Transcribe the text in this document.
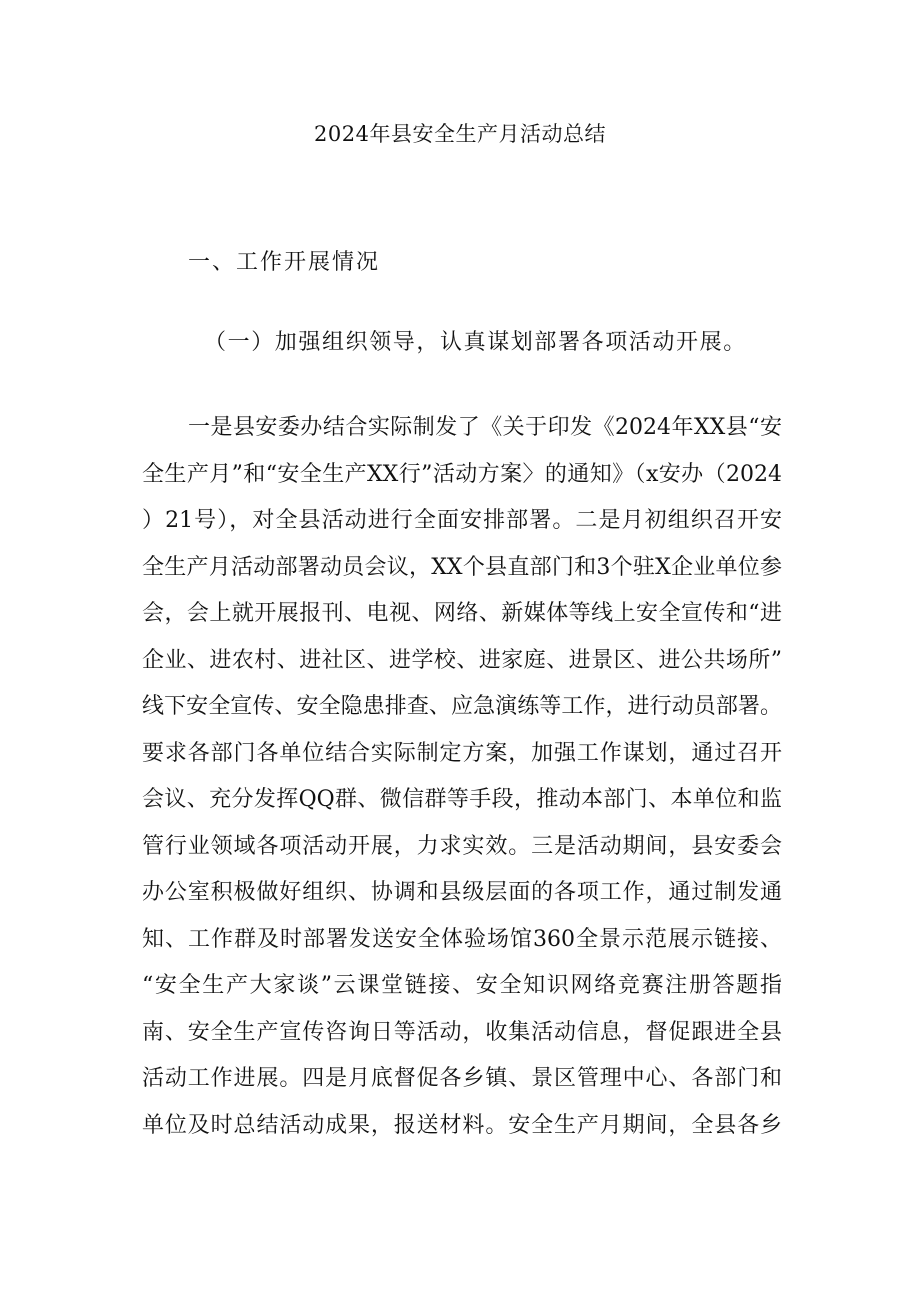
2024年县安全生产月活动总结
一、工作开展情况
（一）加强组织领导，认真谋划部署各项活动开展。
一是县安委办结合实际制发了《关于印发《2024年XX县“安
全生产月”和“安全生产XX行”活动方案〉的通知》（x安办（2024
）21号），对全县活动进行全面安排部署。二是月初组织召开安
全生产月活动部署动员会议，XX个县直部门和3个驻X企业单位参
会，会上就开展报刊、电视、网络、新媒体等线上安全宣传和“进
企业、进农村、进社区、进学校、进家庭、进景区、进公共场所”
线下安全宣传、安全隐患排查、应急演练等工作，进行动员部署。
要求各部门各单位结合实际制定方案，加强工作谋划，通过召开
会议、充分发挥QQ群、微信群等手段，推动本部门、本单位和监
管行业领域各项活动开展，力求实效。三是活动期间，县安委会
办公室积极做好组织、协调和县级层面的各项工作，通过制发通
知、工作群及时部署发送安全体验场馆360全景示范展示链接、
“安全生产大家谈”云课堂链接、安全知识网络竞赛注册答题指
南、安全生产宣传咨询日等活动，收集活动信息，督促跟进全县
活动工作进展。四是月底督促各乡镇、景区管理中心、各部门和
单位及时总结活动成果，报送材料。安全生产月期间，全县各乡
